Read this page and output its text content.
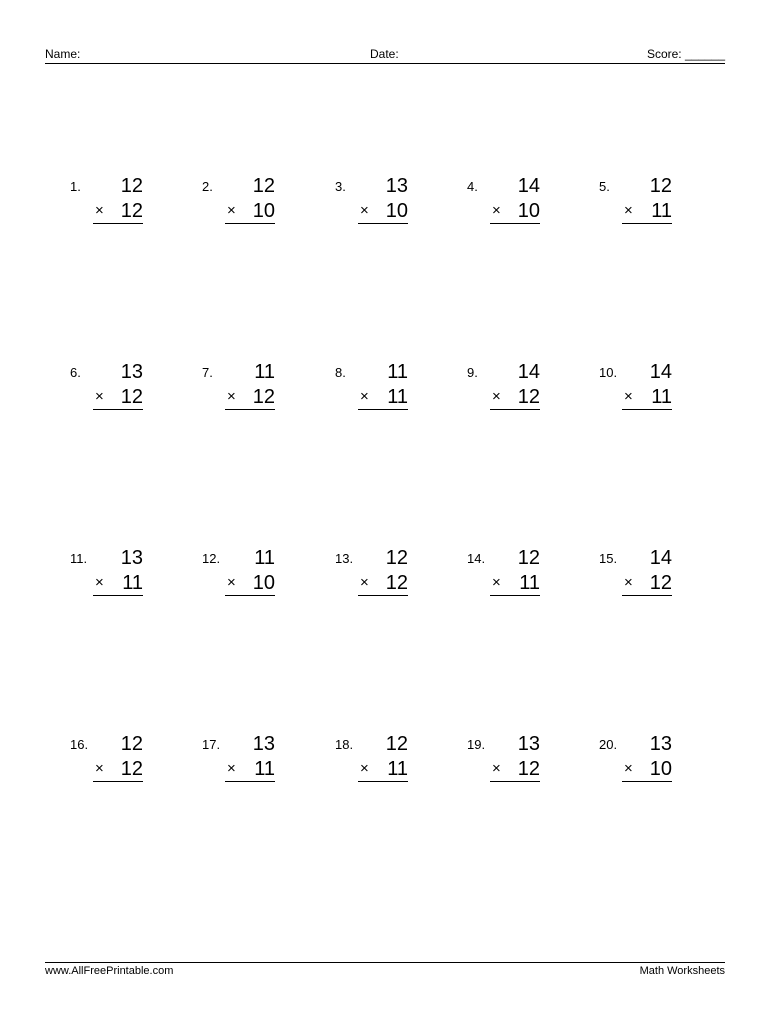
Name:	Date:	Score: ______
1. 12
× 12
2. 12
× 10
3. 13
× 10
4. 14
× 10
5. 12
× 11
6. 13
× 12
7. 11
× 12
8. 11
× 11
9. 14
× 12
10. 14
× 11
11. 13
× 11
12. 11
× 10
13. 12
× 12
14. 12
× 11
15. 14
× 12
16. 12
× 12
17. 13
× 11
18. 12
× 11
19. 13
× 12
20. 13
× 10
www.AllFreePrintable.com	Math Worksheets
